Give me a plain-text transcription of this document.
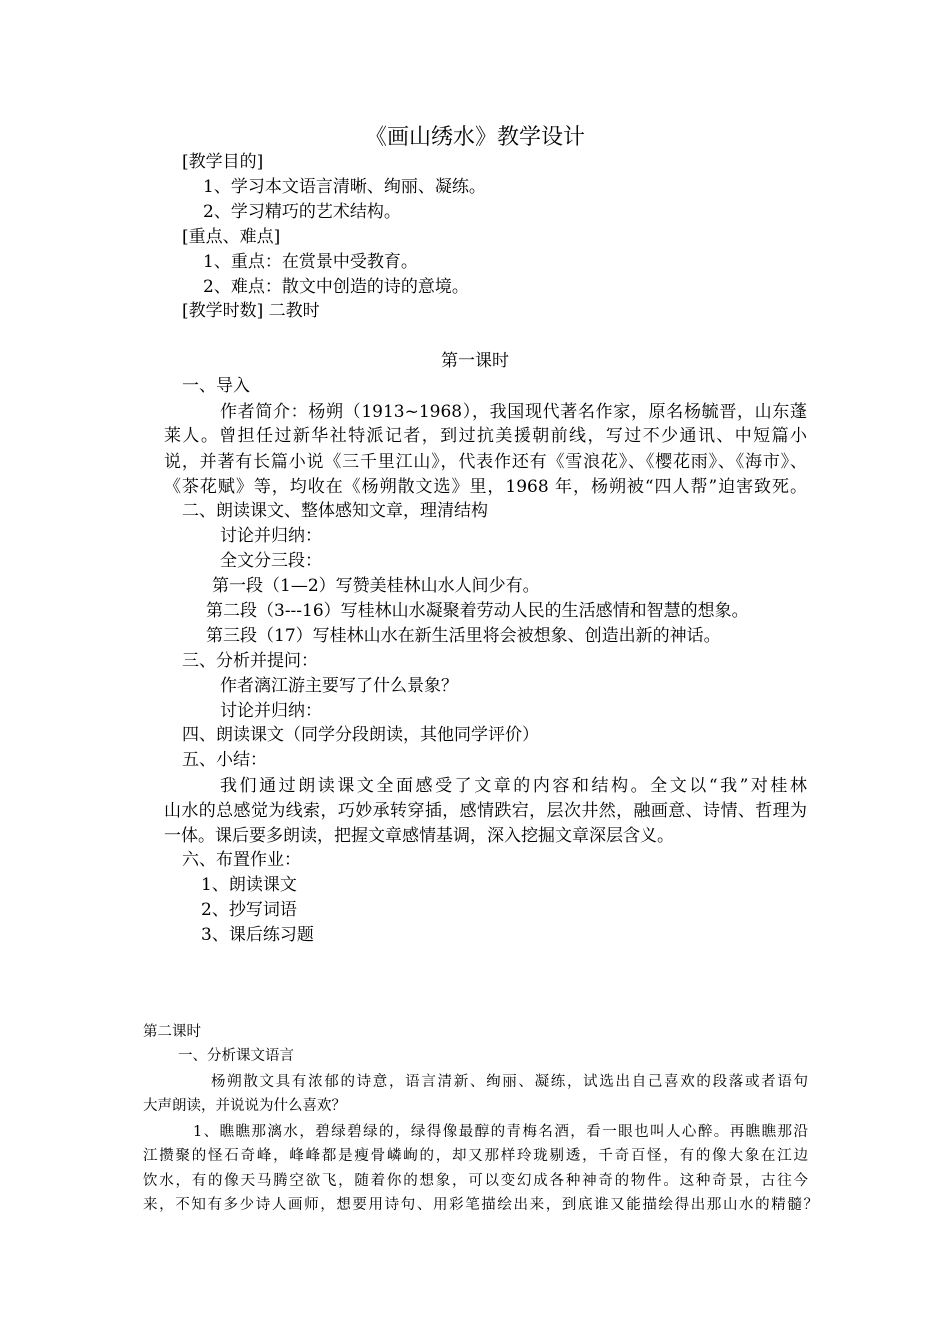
《画山绣水》教学设计
[教学目的]
1、学习本文语言清晰、绚丽、凝练。
2、学习精巧的艺术结构。
[重点、难点]
1、重点：在赏景中受教育。
2、难点：散文中创造的诗的意境。
[教学时数] 二教时
第一课时
一、导入
作者简介：杨朔（1913~1968），我国现代著名作家，原名杨毓晋，山东蓬
莱人。曾担任过新华社特派记者，到过抗美援朝前线，写过不少通讯、中短篇小
说，并著有长篇小说《三千里江山》，代表作还有《雪浪花》、《樱花雨》、《海市》、
《茶花赋》等，均收在《杨朔散文选》里，1968 年，杨朔被“四人帮”迫害致死。
二、朗读课文、整体感知文章，理清结构
讨论并归纳：
全文分三段：
第一段（1—2）写赞美桂林山水人间少有。
第二段（3---16）写桂林山水凝聚着劳动人民的生活感情和智慧的想象。
第三段（17）写桂林山水在新生活里将会被想象、创造出新的神话。
三、分析并提问：
作者漓江游主要写了什么景象？
讨论并归纳：
四、朗读课文（同学分段朗读，其他同学评价）
五、小结：
我们通过朗读课文全面感受了文章的内容和结构。全文以“我”对桂林
山水的总感觉为线索，巧妙承转穿插，感情跌宕，层次井然，融画意、诗情、哲理为
一体。课后要多朗读，把握文章感情基调，深入挖掘文章深层含义。
六、布置作业：
1、朗读课文
2、抄写词语
3、课后练习题
第二课时
一、分析课文语言
杨朔散文具有浓郁的诗意，语言清新、绚丽、凝练，试选出自己喜欢的段落或者语句
大声朗读，并说说为什么喜欢？
1、瞧瞧那漓水，碧绿碧绿的，绿得像最醇的青梅名酒，看一眼也叫人心醉。再瞧瞧那沿
江攒聚的怪石奇峰，峰峰都是瘦骨嶙峋的，却又那样玲珑剔透，千奇百怪，有的像大象在江边
饮水，有的像天马腾空欲飞，随着你的想象，可以变幻成各种神奇的物件。这种奇景，古往今
来，不知有多少诗人画师，想要用诗句、用彩笔描绘出来，到底谁又能描绘得出那山水的精髓？
